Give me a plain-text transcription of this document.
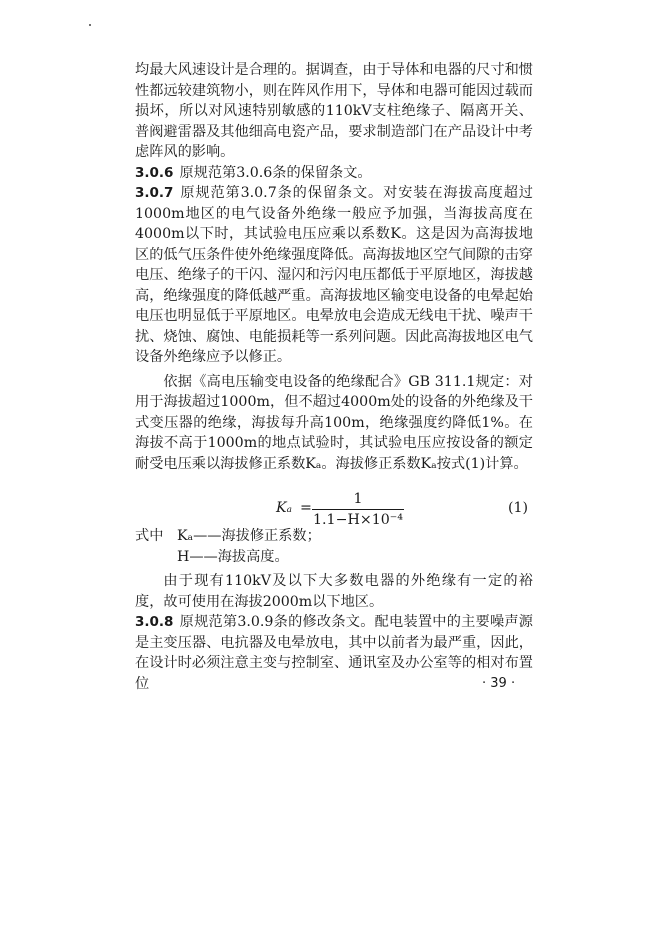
均最大风速设计是合理的。据调查，由于导体和电器的尺寸和惯性都远较建筑物小，则在阵风作用下，导体和电器可能因过载而损坏，所以对风速特别敏感的110kV支柱绝缘子、隔离开关、普阀避雷器及其他细高电瓷产品，要求制造部门在产品设计中考虑阵风的影响。

3.0.6 原规范第3.0.6条的保留条文。

3.0.7 原规范第3.0.7条的保留条文。对安装在海拔高度超过1000m地区的电气设备外绝缘一般应予加强，当海拔高度在4000m以下时，其试验电压应乘以系数K。这是因为高海拔地区的低气压条件使外绝缘强度降低。高海拔地区空气间隙的击穿电压、绝缘子的干闪、湿闪和污闪电压都低于平原地区，海拔越高，绝缘强度的降低越严重。高海拔地区输变电设备的电晕起始电压也明显低于平原地区。电晕放电会造成无线电干扰、噪声干扰、烧蚀、腐蚀、电能损耗等一系列问题。因此高海拔地区电气设备外绝缘应予以修正。

依据《高电压输变电设备的绝缘配合》GB 311.1规定：对用于海拔超过1000m，但不超过4000m处的设备的外绝缘及干式变压器的绝缘，海拔每升高100m，绝缘强度约降低1%。在海拔不高于1000m的地点试验时，其试验电压应按设备的额定耐受电压乘以海拔修正系数Kₐ。海拔修正系数Kₐ按式(1)计算。

Kₐ =
1
1.1−H×10⁻⁴
(1)

式中 Kₐ——海拔修正系数；

H——海拔高度。

由于现有110kV及以下大多数电器的外绝缘有一定的裕度，故可使用在海拔2000m以下地区。

3.0.8 原规范第3.0.9条的修改条文。配电装置中的主要噪声源是主变压器、电抗器及电晕放电，其中以前者为最严重，因此，在设计时必须注意主变与控制室、通讯室及办公室等的相对布置位	· 39 ·
